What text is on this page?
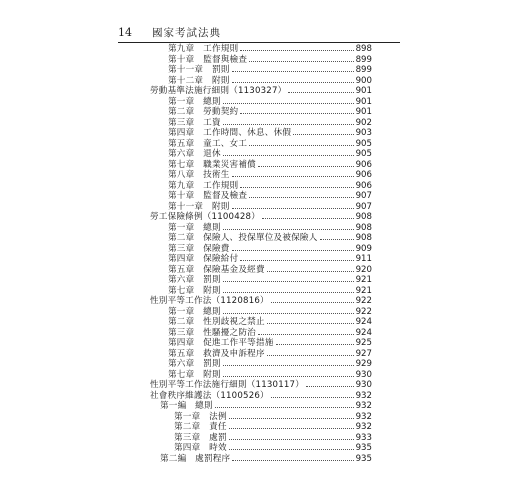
14 國家考試法典
第九章　工作規則	898
第十章　監督與檢查	899
第十一章　罰則	899
第十二章　附則	900
勞動基準法施行細則（1130327）	901
第一章　總則	901
第二章　勞動契約	901
第三章　工資	902
第四章　工作時間、休息、休假	903
第五章　童工、女工	905
第六章　退休	905
第七章　職業災害補償	906
第八章　技術生	906
第九章　工作規則	906
第十章　監督及檢查	907
第十一章　附則	907
勞工保險條例（1100428）	908
第一章　總則	908
第二章　保險人、投保單位及被保險人	908
第三章　保險費	909
第四章　保險給付	911
第五章　保險基金及經費	920
第六章　罰則	921
第七章　附則	921
性別平等工作法（1120816）	922
第一章　總則	922
第二章　性別歧視之禁止	924
第三章　性騷擾之防治	924
第四章　促進工作平等措施	925
第五章　救濟及申訴程序	927
第六章　罰則	929
第七章　附則	930
性別平等工作法施行細則（1130117）	930
社會秩序維護法（1100526）	932
第一編　總則	932
第一章　法例	932
第二章　責任	932
第三章　處罰	933
第四章　時效	935
第二編　處罰程序	935
